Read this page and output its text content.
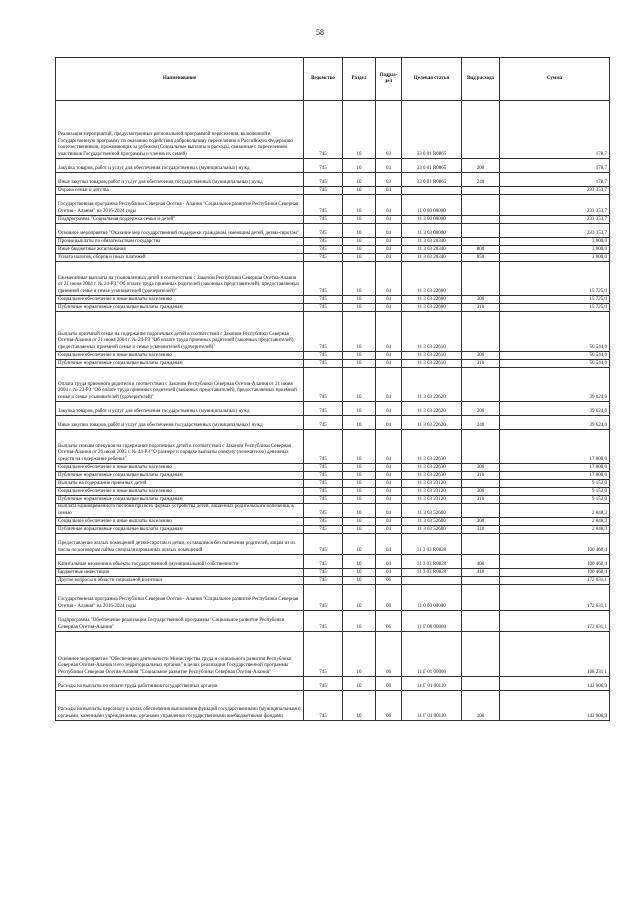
58
Наименование	Ведомство	Раздел	Подраз-дел	Целевая статья	Вид расхода	Сумма
Реализация мероприятий, предусмотренных региональной программой переселения, включенной в Государственную программу по оказанию содействия добровольному переселению в Российскую Федерацию соотечественников, проживающих за рубежом (Социальные выплаты и расходы, связанные с переселением участников Государственной программы и членов их семей)	745	10	03	33 0 01 R0865		178,7
Закупка товаров, работ и услуг для обеспечения государственных (муниципальных) нужд	745	10	03	33 0 01 R0865	200	178,7
Иные закупки товаров, работ и услуг для обеспечения государственных (муниципальных) нужд	745	10	03	33 0 01 R0865	240	178,7
Охрана семьи и детства	745	10	04			233 353,7
Государственная программа Республики Северная Осетия - Алания "Социальное развитие Республики Северная Осетия - Алания" на 2016-2024 годы	745	10	04	11 0 00 00000		233 353,7
Подпрограмма "Социальная поддержка семьи и детей"	745	10	04	11 3 00 00000		233 353,7
Основное мероприятие "Оказание мер государственной поддержки гражданам, имеющим детей, детям-сиротам"	745	10	04	11 3 03 00000		233 353,7
Прочие выплаты по обязательствам государства	745	10	04	11 3 03 20340		3 000,0
Иные бюджетные ассигнования	745	10	04	11 3 03 20340	800	3 000,0
Уплата налогов, сборов и иных платежей	745	10	04	11 3 03 20340	850	3 000,0
Ежемесячные выплаты на усыновленных детей в соответствии с Законом Республики Северная Осетия-Алания от 21 июня 2004 г. № 24-РЗ "Об оплате труда приемных родителей (законных представителей), предоставляемых приемной семье и семье усыновителей (удочерителей)"	745	10	04	11 3 03 22600		15 725,0
Социальное обеспечение и иные выплаты населению	745	10	04	11 3 03 22600	300	15 725,0
Публичные нормативные социальные выплаты гражданам	745	10	04	11 3 03 22600	310	15 725,0
Выплаты приемной семье на содержание подопечных детей в соответствии с Законом Республики Северная Осетия-Алания от 21 июня 2004 г. № 24-РЗ "Об оплате труда приемных родителей (законных представителей), предоставляемых приемной семье и семье усыновителей (удочерителей)"	745	10	04	11 3 03 22610		50 544,0
Социальное обеспечение и иные выплаты населению	745	10	04	11 3 03 22610	300	50 544,0
Публичные нормативные социальные выплаты гражданам	745	10	04	11 3 03 22610	310	50 544,0
Оплата труда приемного родителя в соответствии с Законом Республики Северная Осетия-Алания от 21 июня 2004 г. № 23-РЗ "Об оплате труда приемных родителей (законных представителей), предоставляемых приемной семье и семье усыновителей (удочерителей)"	745	10	04	11 3 03 22620		39 624,0
Закупка товаров, работ и услуг для обеспечения государственных (муниципальных) нужд	745	10	04	11 3 03 22620	200	39 624,0
Иные закупки товаров, работ и услуг для обеспечения государственных (муниципальных) нужд	745	10	04	11 3 03 22620	240	39 624,0
Выплаты семьям опекунов на содержание подопечных детей в соответствии с Законом Республики Северная Осетия-Алания от 26 июля 2005 г. № 44-РЗ "О размере и порядке выплаты опекуну (попечителю) денежных средств на содержание ребенка"	745	10	04	11 3 03 22630		17 000,0
Социальное обеспечение и иные выплаты населению	745	10	04	11 3 03 22630	300	17 000,0
Публичные нормативные социальные выплаты гражданам	745	10	04	11 3 03 22630	310	17 000,0
Выплаты на содержание приемных детей	745	10	04	11 3 03 23120		9 152,0
Социальное обеспечение и иные выплаты населению	745	10	04	11 3 03 23120	300	9 152,0
Публичные нормативные социальные выплаты гражданам	745	10	04	11 3 03 23120	310	9 152,0
Выплата единовременного пособия при всех формах устройства детей, лишенных родительского попечения, в семью	745	10	04	11 3 03 52600		2 848,3
Социальное обеспечение и иные выплаты населению	745	10	04	11 3 03 52600	300	2 848,3
Публичные нормативные социальные выплаты гражданам	745	10	04	11 3 03 52600	310	2 848,3
Предоставление жилых помещений детям-сиротам и детям, оставшимся без попечения родителей, лицам из их числа по договорам найма специализированных жилых помещений	745	10	04	11 3 03 R0820		100 460,4
Капитальные вложения в объекты государственной (муниципальной) собственности	745	10	04	11 3 03 R0820	400	100 460,4
Бюджетные инвестиции	745	10	04	11 3 03 R0820	410	100 460,4
Другие вопросы в области социальной политики	745	10	06			172 631,1
Государственная программа Республики Северная Осетия - Алания "Социальное развитие Республики Северная Осетия - Алания" на 2016-2024 годы	745	10	06	11 0 00 00000		172 631,1
Подпрограмма "Обеспечение реализации Государственной программы "Социальное развитие Республики Северная Осетия-Алания"	745	10	06	11 Г 00 00000		172 631,1
Основное мероприятие "Обеспечение деятельности Министерства труда и социального развития Республики Северная Осетия-Алания и его территориальных органов" в целях реализации Государственной программы Республики Северная Осетия-Алания "Социальное развитие Республики Северная Осетия-Алания"	745	10	06	11 Г 01 00000		168 231,1
Расходы на выплаты по оплате труда работников государственных органов	745	10	06	11 Г 01 00110		142 906,9
Расходы на выплаты персоналу в целях обеспечения выполнения функций государственными (муниципальными) органами, казенными учреждениями, органами управления государственными внебюджетными фондами	745	10	06	11 Г 01 00110	100	142 906,9
